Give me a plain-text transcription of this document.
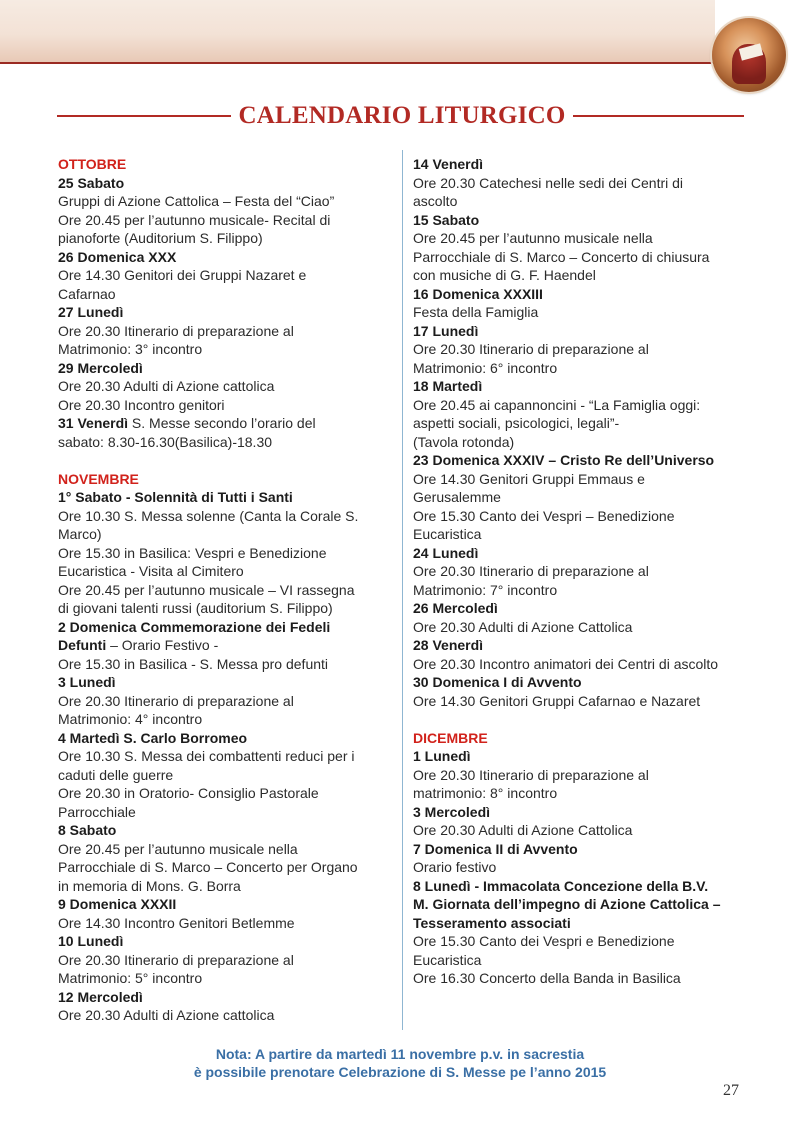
CALENDARIO LITURGICO
OTTOBRE
25 Sabato
Gruppi di Azione Cattolica – Festa del “Ciao”
Ore 20.45 per l’autunno musicale- Recital di
pianoforte (Auditorium S. Filippo)
26 Domenica XXX
Ore 14.30 Genitori dei Gruppi Nazaret e
Cafarnao
27 Lunedì
Ore 20.30 Itinerario di preparazione al
Matrimonio: 3° incontro
29 Mercoledì
Ore 20.30 Adulti di Azione cattolica
Ore 20.30 Incontro genitori
31 Venerdì S. Messe secondo l’orario del
sabato: 8.30-16.30(Basilica)-18.30
NOVEMBRE
1° Sabato - Solennità di Tutti i Santi
Ore 10.30 S. Messa solenne (Canta la Corale S.
Marco)
Ore 15.30 in Basilica: Vespri e Benedizione
Eucaristica - Visita al Cimitero
Ore 20.45 per l’autunno musicale – VI rassegna
di giovani talenti russi (auditorium S. Filippo)
2 Domenica Commemorazione dei Fedeli
Defunti – Orario Festivo -
Ore 15.30 in Basilica - S. Messa pro defunti
3 Lunedì
Ore 20.30 Itinerario di preparazione al
Matrimonio: 4° incontro
4 Martedì S. Carlo Borromeo
Ore 10.30 S. Messa dei combattenti reduci per i
caduti delle guerre
Ore 20.30 in Oratorio- Consiglio Pastorale
Parrocchiale
8 Sabato
Ore 20.45 per l’autunno musicale nella
Parrocchiale di S. Marco – Concerto per Organo
in memoria di Mons. G. Borra
9 Domenica XXXII
Ore 14.30 Incontro Genitori Betlemme
10 Lunedì
Ore 20.30 Itinerario di preparazione al
Matrimonio: 5° incontro
12 Mercoledì
Ore 20.30 Adulti di Azione cattolica
14 Venerdì
Ore 20.30 Catechesi nelle sedi dei Centri di
ascolto
15 Sabato
Ore 20.45 per l’autunno musicale nella
Parrocchiale di S. Marco – Concerto di chiusura
con musiche di G. F. Haendel
16 Domenica XXXIII
Festa della Famiglia
17 Lunedì
Ore 20.30 Itinerario di preparazione al
Matrimonio: 6° incontro
18 Martedì
Ore 20.45 ai capannoncini - “La Famiglia oggi:
aspetti sociali, psicologici, legali”-
(Tavola rotonda)
23 Domenica XXXIV – Cristo Re dell’Universo
Ore 14.30 Genitori Gruppi Emmaus e
Gerusalemme
Ore 15.30 Canto dei Vespri – Benedizione
Eucaristica
24 Lunedì
Ore 20.30 Itinerario di preparazione al
Matrimonio: 7° incontro
26 Mercoledì
Ore 20.30 Adulti di Azione Cattolica
28 Venerdì
Ore 20.30 Incontro animatori dei Centri di ascolto
30 Domenica I di Avvento
Ore 14.30 Genitori Gruppi Cafarnao e Nazaret
DICEMBRE
1 Lunedì
Ore 20.30 Itinerario di preparazione al
matrimonio: 8° incontro
3 Mercoledì
Ore 20.30 Adulti di Azione Cattolica
7 Domenica II di Avvento
Orario festivo
8 Lunedì - Immacolata Concezione della B.V.
M. Giornata dell’impegno di Azione Cattolica –
Tesseramento associati
Ore 15.30 Canto dei Vespri e Benedizione
Eucaristica
Ore 16.30 Concerto della Banda in Basilica
Nota: A partire da martedì 11 novembre p.v. in sacrestia
è possibile prenotare Celebrazione di S. Messe pe l’anno 2015
27
